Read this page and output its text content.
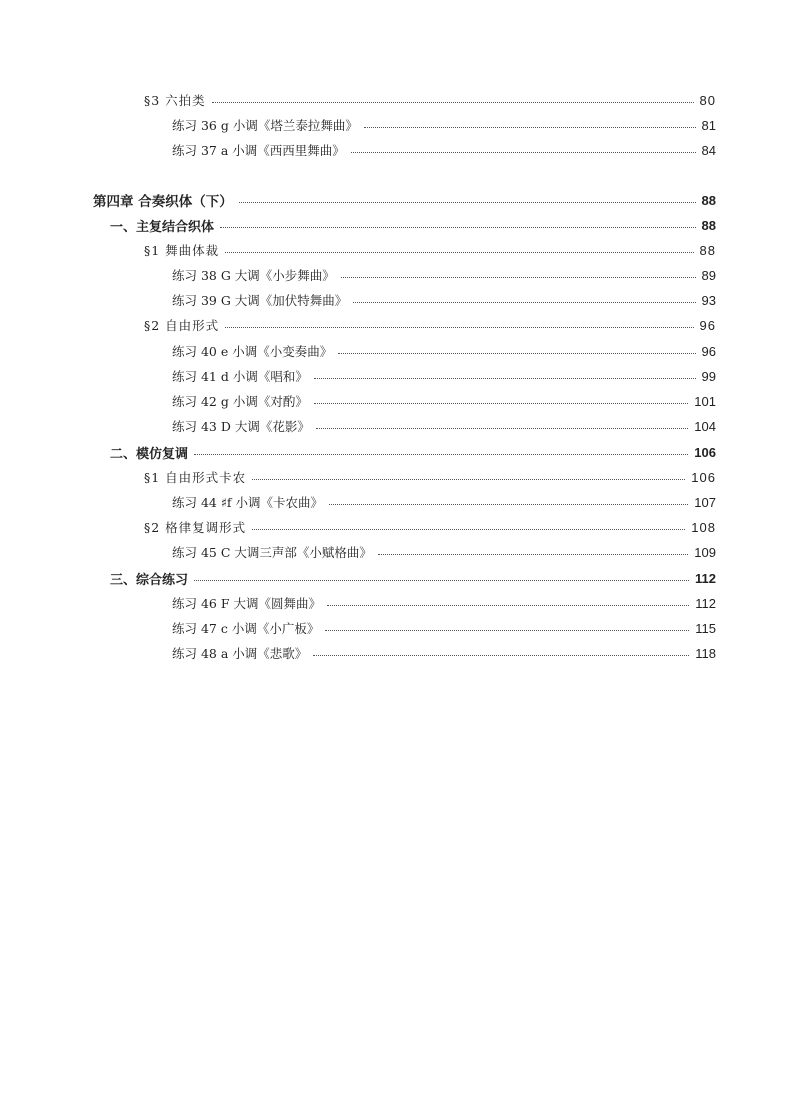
§3 六拍类	80
练习 36 g 小调《塔兰泰拉舞曲》	81
练习 37 a 小调《西西里舞曲》	84
第四章 合奏织体（下）	88
一、主复结合织体	88
§1 舞曲体裁	88
练习 38 G 大调《小步舞曲》	89
练习 39 G 大调《加伏特舞曲》	93
§2 自由形式	96
练习 40 e 小调《小变奏曲》	96
练习 41 d 小调《唱和》	99
练习 42 g 小调《对酌》	101
练习 43 D 大调《花影》	104
二、模仿复调	106
§1 自由形式卡农	106
练习 44 ♯f 小调《卡农曲》	107
§2 格律复调形式	108
练习 45 C 大调三声部《小赋格曲》	109
三、综合练习	112
练习 46 F 大调《圆舞曲》	112
练习 47 c 小调《小广板》	115
练习 48 a 小调《悲歌》	118
